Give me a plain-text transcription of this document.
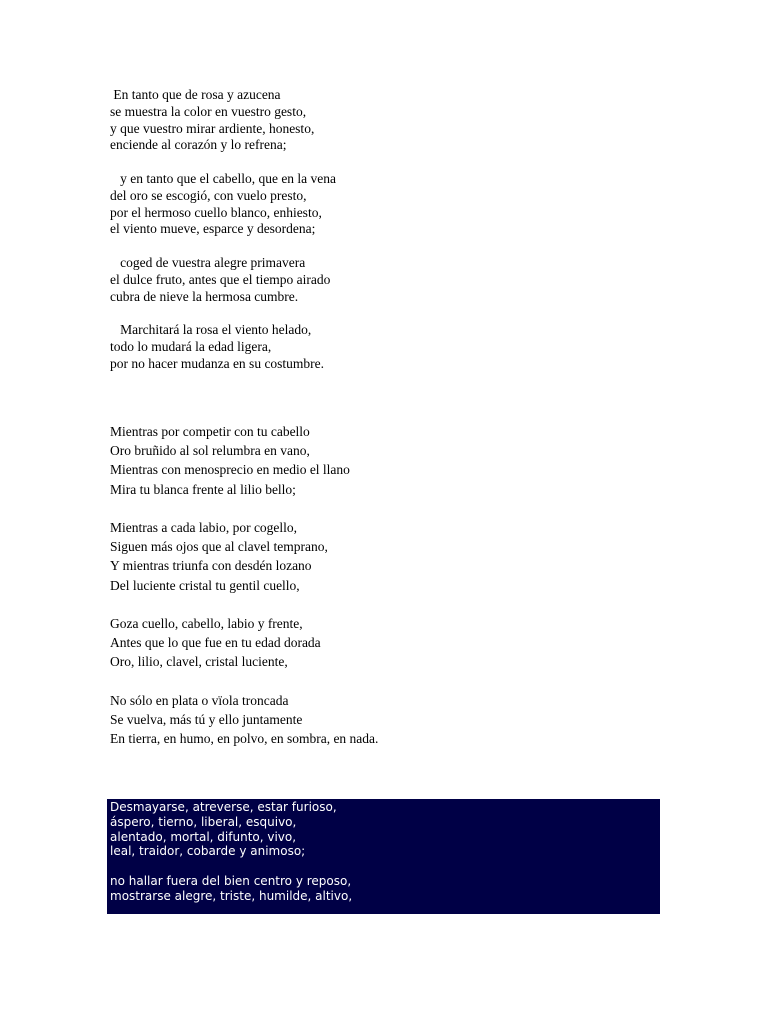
En tanto que de rosa y azucena
se muestra la color en vuestro gesto,
y que vuestro mirar ardiente, honesto,
enciende al corazón y lo refrena;
y en tanto que el cabello, que en la vena
del oro se escogió, con vuelo presto,
por el hermoso cuello blanco, enhiesto,
el viento mueve, esparce y desordena;
coged de vuestra alegre primavera
el dulce fruto, antes que el tiempo airado
cubra de nieve la hermosa cumbre.
Marchitará la rosa el viento helado,
todo lo mudará la edad ligera,
por no hacer mudanza en su costumbre.
Mientras por competir con tu cabello
Oro bruñido al sol relumbra en vano,
Mientras con menosprecio en medio el llano
Mira tu blanca frente al lilio bello;
Mientras a cada labio, por cogello,
Siguen más ojos que al clavel temprano,
Y mientras triunfa con desdén lozano
Del luciente cristal tu gentil cuello,
Goza cuello, cabello, labio y frente,
Antes que lo que fue en tu edad dorada
Oro, lilio, clavel, cristal luciente,
No sólo en plata o vïola troncada
Se vuelva, más tú y ello juntamente
En tierra, en humo, en polvo, en sombra, en nada.
Desmayarse, atreverse, estar furioso,
áspero, tierno, liberal, esquivo,
alentado, mortal, difunto, vivo,
leal, traidor, cobarde y animoso;
no hallar fuera del bien centro y reposo,
mostrarse alegre, triste, humilde, altivo,
